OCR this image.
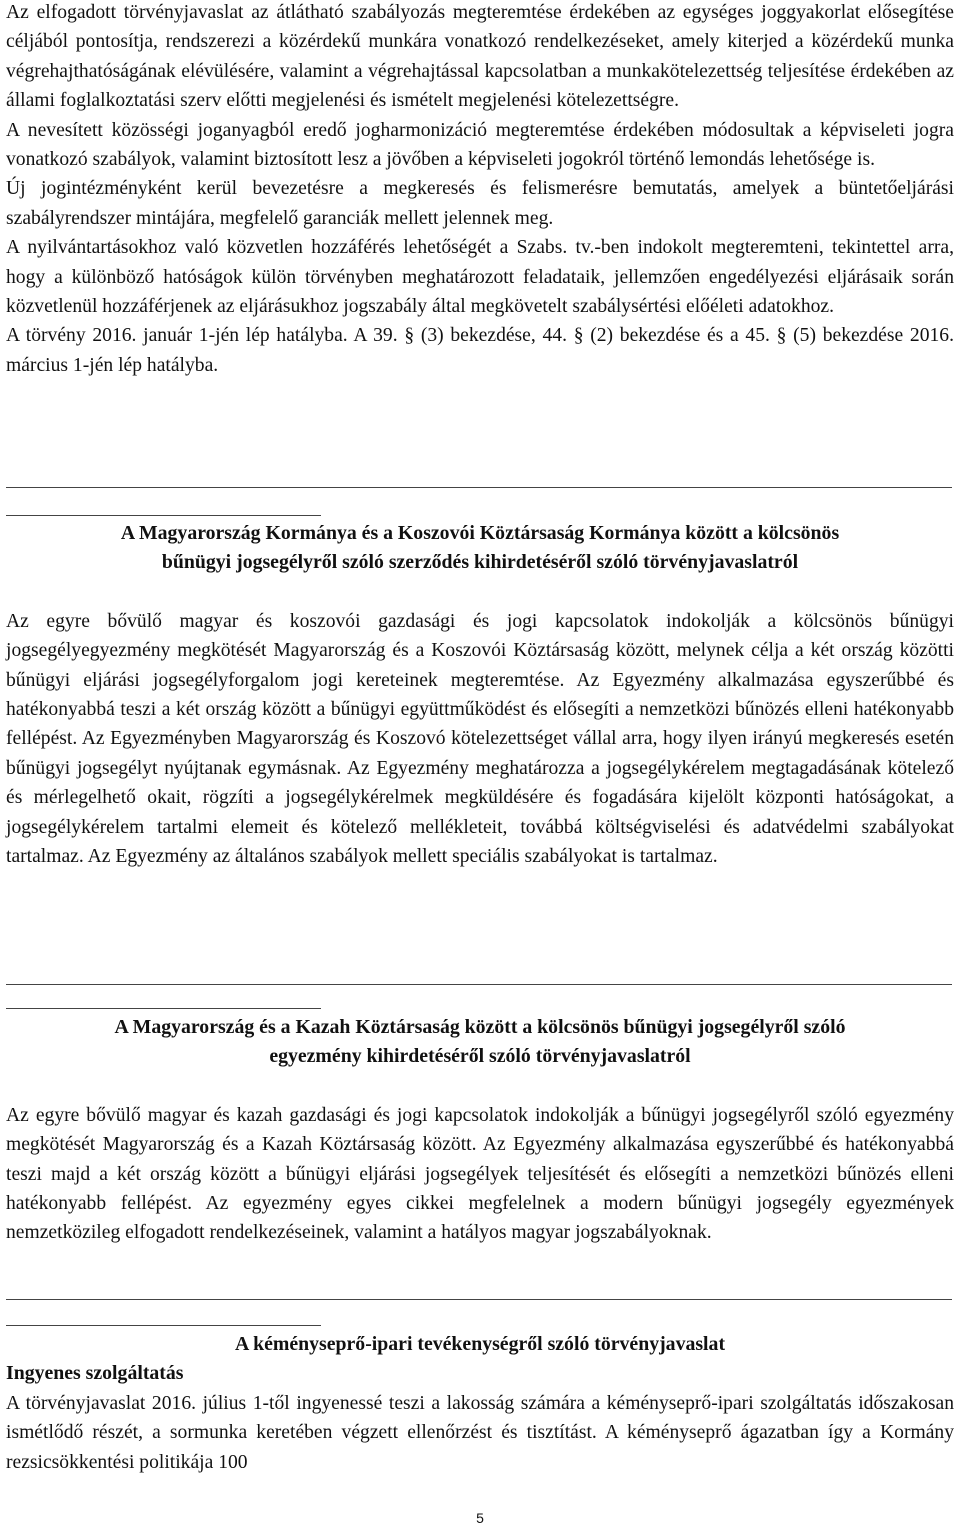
Az elfogadott törvényjavaslat az átlátható szabályozás megteremtése érdekében az egységes joggyakorlat elősegítése céljából pontosítja, rendszerezi a közérdekű munkára vonatkozó rendelkezéseket, amely kiterjed a közérdekű munka végrehajthatóságának elévülésére, valamint a végrehajtással kapcsolatban a munkakötelezettség teljesítése érdekében az állami foglalkoztatási szerv előtti megjelenési és ismételt megjelenési kötelezettségre.

A nevesített közösségi joganyagból eredő jogharmonizáció megteremtése érdekében módosultak a képviseleti jogra vonatkozó szabályok, valamint biztosított lesz a jövőben a képviseleti jogokról történő lemondás lehetősége is.

Új jogintézményként kerül bevezetésre a megkeresés és felismerésre bemutatás, amelyek a büntetőeljárási szabályrendszer mintájára, megfelelő garanciák mellett jelennek meg.

A nyilvántartásokhoz való közvetlen hozzáférés lehetőségét a Szabs. tv.-ben indokolt megteremteni, tekintettel arra, hogy a különböző hatóságok külön törvényben meghatározott feladataik, jellemzően engedélyezési eljárásaik során közvetlenül hozzáférjenek az eljárásukhoz jogszabály által megkövetelt szabálysértési előéleti adatokhoz.

A törvény 2016. január 1-jén lép hatályba. A 39. § (3) bekezdése, 44. § (2) bekezdése és a 45. § (5) bekezdése 2016. március 1-jén lép hatályba.

A Magyarország Kormánya és a Koszovói Köztársaság Kormánya között a kölcsönös

bűnügyi jogsegélyről szóló szerződés kihirdetéséről szóló törvényjavaslatról

Az egyre bővülő magyar és koszovói gazdasági és jogi kapcsolatok indokolják a kölcsönös bűnügyi jogsegélyegyezmény megkötését Magyarország és a Koszovói Köztársaság között, melynek célja a két ország közötti bűnügyi eljárási jogsegélyforgalom jogi kereteinek megteremtése. Az Egyezmény alkalmazása egyszerűbbé és hatékonyabbá teszi a két ország között a bűnügyi együttműködést és elősegíti a nemzetközi bűnözés elleni hatékonyabb fellépést. Az Egyezményben Magyarország és Koszovó kötelezettséget vállal arra, hogy ilyen irányú megkeresés esetén bűnügyi jogsegélyt nyújtanak egymásnak. Az Egyezmény meghatározza a jogsegélykérelem megtagadásának kötelező és mérlegelhető okait, rögzíti a jogsegélykérelmek megküldésére és fogadására kijelölt központi hatóságokat, a jogsegélykérelem tartalmi elemeit és kötelező mellékleteit, továbbá költségviselési és adatvédelmi szabályokat tartalmaz. Az Egyezmény az általános szabályok mellett speciális szabályokat is tartalmaz.

A Magyarország és a Kazah Köztársaság között a kölcsönös bűnügyi jogsegélyről szóló

egyezmény kihirdetéséről szóló törvényjavaslatról

Az egyre bővülő magyar és kazah gazdasági és jogi kapcsolatok indokolják a bűnügyi jogsegélyről szóló egyezmény megkötését Magyarország és a Kazah Köztársaság között. Az Egyezmény alkalmazása egyszerűbbé és hatékonyabbá teszi majd a két ország között a bűnügyi eljárási jogsegélyek teljesítését és elősegíti a nemzetközi bűnözés elleni hatékonyabb fellépést. Az egyezmény egyes cikkei megfelelnek a modern bűnügyi jogsegély egyezmények nemzetközileg elfogadott rendelkezéseinek, valamint a hatályos magyar jogszabályoknak.

A kéményseprő-ipari tevékenységről szóló törvényjavaslat

Ingyenes szolgáltatás

A törvényjavaslat 2016. július 1-től ingyenessé teszi a lakosság számára a kéményseprő-ipari szolgáltatás időszakosan ismétlődő részét, a sormunka keretében végzett ellenőrzést és tisztítást. A kéményseprő ágazatban így a Kormány rezsicsökkentési politikája 100

5
